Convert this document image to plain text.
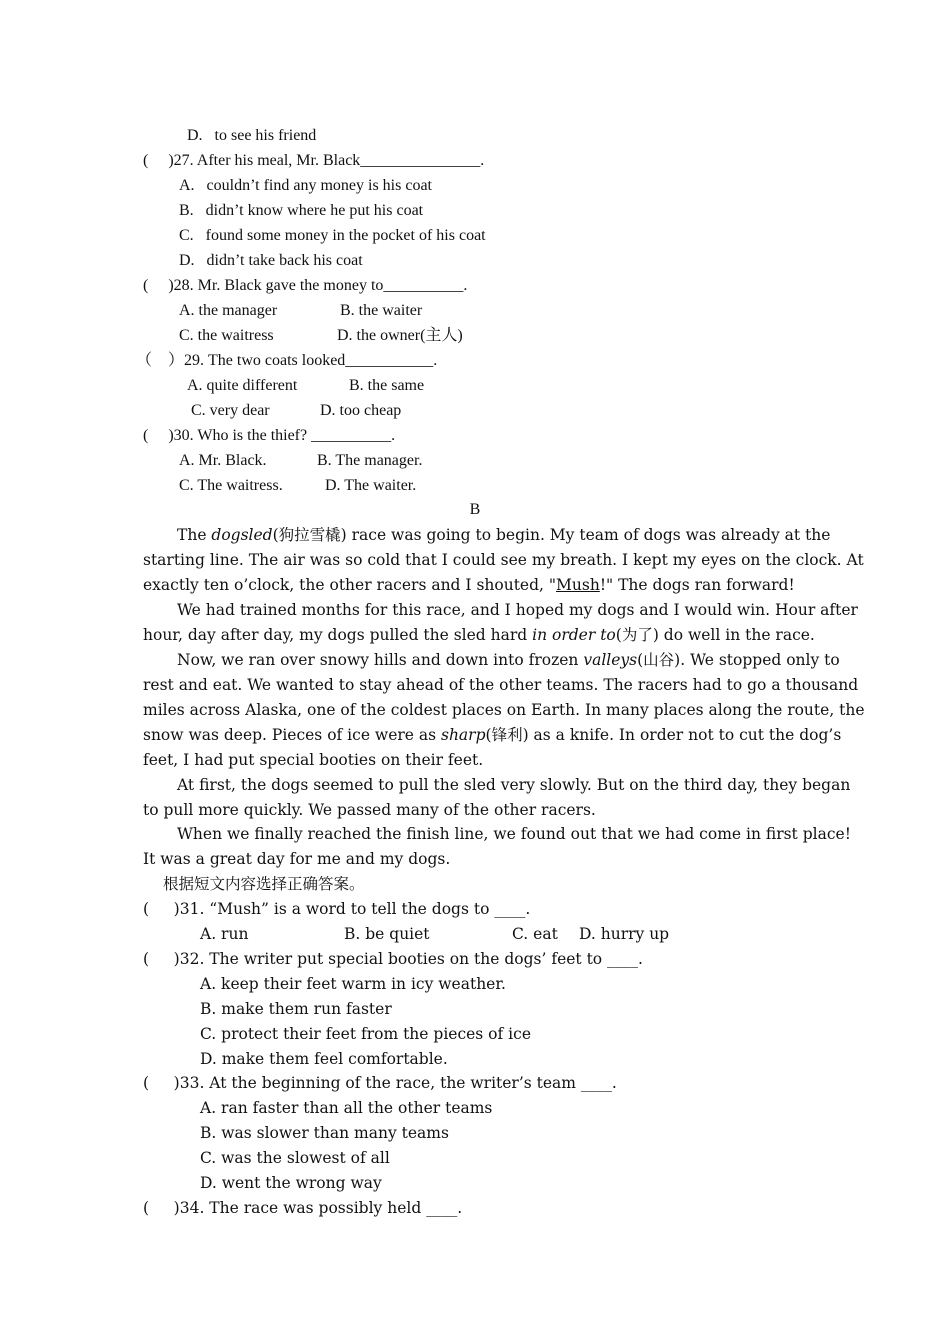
D.   to see his friend
(     )27. After his meal, Mr. Black_______________.
A.   couldn’t find any money is his coat
B.   didn’t know where he put his coat
C.   found some money in the pocket of his coat
D.   didn’t take back his coat
(     )28. Mr. Black gave the money to__________.
A. the manager	B. the waiter
C. the waitress	D. the owner(主人)
（    ）29. The two coats looked___________.
A. quite different	B. the same
C. very dear	D. too cheap
(     )30. Who is the thief? __________.
A. Mr. Black.	B. The manager.
C. The waitress.	D. The waiter.
B
The dogsled(狗拉雪橇) race was going to begin. My team of dogs was already at the
starting line. The air was so cold that I could see my breath. I kept my eyes on the clock. At
exactly ten o’clock, the other racers and I shouted, "Mush!" The dogs ran forward!
We had trained months for this race, and I hoped my dogs and I would win. Hour after
hour, day after day, my dogs pulled the sled hard in order to(为了) do well in the race.
Now, we ran over snowy hills and down into frozen valleys(山谷). We stopped only to
rest and eat. We wanted to stay ahead of the other teams. The racers had to go a thousand
miles across Alaska, one of the coldest places on Earth. In many places along the route, the
snow was deep. Pieces of ice were as sharp(锋利) as a knife. In order not to cut the dog’s
feet, I had put special booties on their feet.
At first, the dogs seemed to pull the sled very slowly. But on the third day, they began
to pull more quickly. We passed many of the other racers.
When we finally reached the finish line, we found out that we had come in first place!
It was a great day for me and my dogs.
根据短文内容选择正确答案。
(     )31. “Mush” is a word to tell the dogs to ____.
A. run	B. be quiet	C. eat D. hurry up
(     )32. The writer put special booties on the dogs’ feet to ____.
A. keep their feet warm in icy weather.
B. make them run faster
C. protect their feet from the pieces of ice
D. make them feel comfortable.
(     )33. At the beginning of the race, the writer’s team ____.
A. ran faster than all the other teams
B. was slower than many teams
C. was the slowest of all
D. went the wrong way
(     )34. The race was possibly held ____.
